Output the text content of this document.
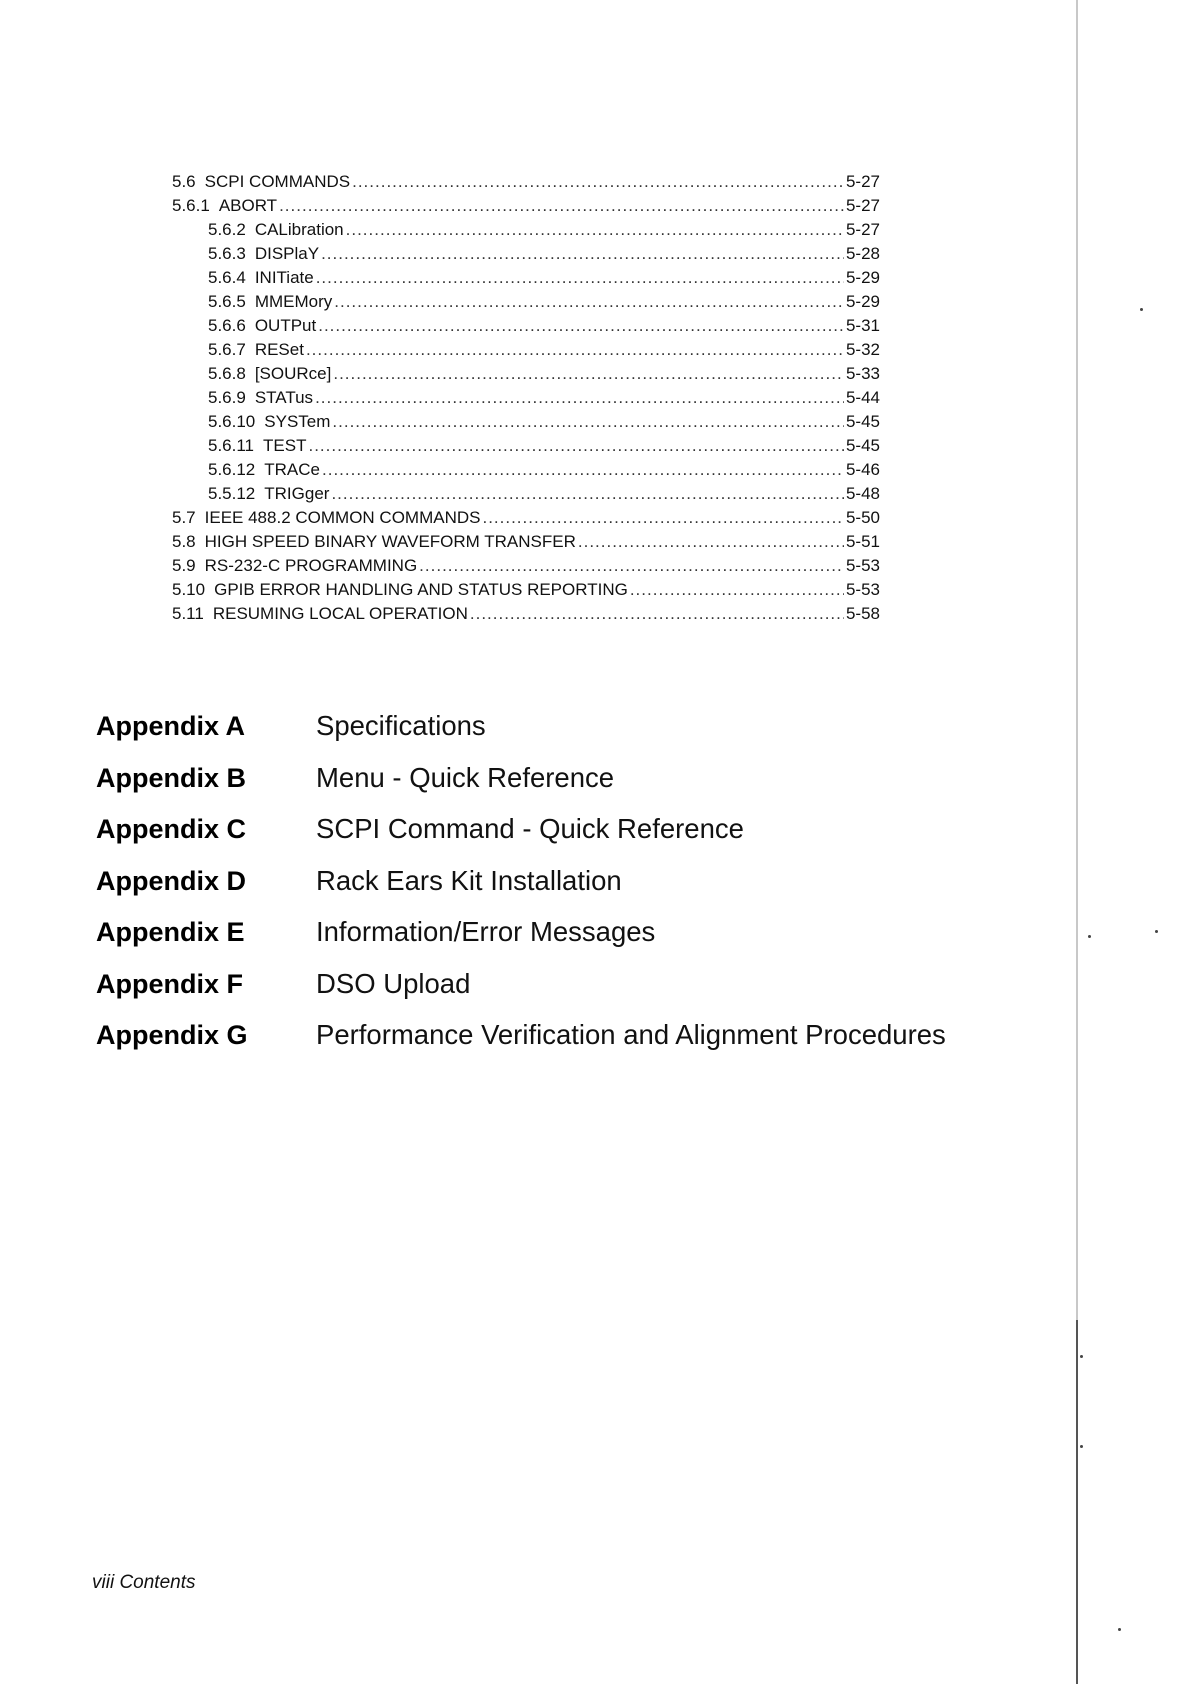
5.6 SCPI COMMANDS .....	5-27
5.6.1 ABORT .....	5-27
5.6.2 CALibration .....	5-27
5.6.3 DISPlaY .....	5-28
5.6.4 INITiate .....	5-29
5.6.5 MMEMory .....	5-29
5.6.6 OUTPut .....	5-31
5.6.7 RESet .....	5-32
5.6.8 [SOURce] .....	5-33
5.6.9 STATus .....	5-44
5.6.10 SYSTem .....	5-45
5.6.11 TEST .....	5-45
5.6.12 TRACe .....	5-46
5.5.12 TRIGger .....	5-48
5.7 IEEE 488.2 COMMON COMMANDS .....	5-50
5.8 HIGH SPEED BINARY WAVEFORM TRANSFER .....	5-51
5.9 RS-232-C PROGRAMMING .....	5-53
5.10 GPIB ERROR HANDLING AND STATUS REPORTING .....	5-53
5.11 RESUMING LOCAL OPERATION .....	5-58
Appendix A	Specifications
Appendix B	Menu - Quick Reference
Appendix C	SCPI Command - Quick Reference
Appendix D	Rack Ears Kit Installation
Appendix E	Information/Error Messages
Appendix F	DSO Upload
Appendix G	Performance Verification and Alignment Procedures
viii Contents
